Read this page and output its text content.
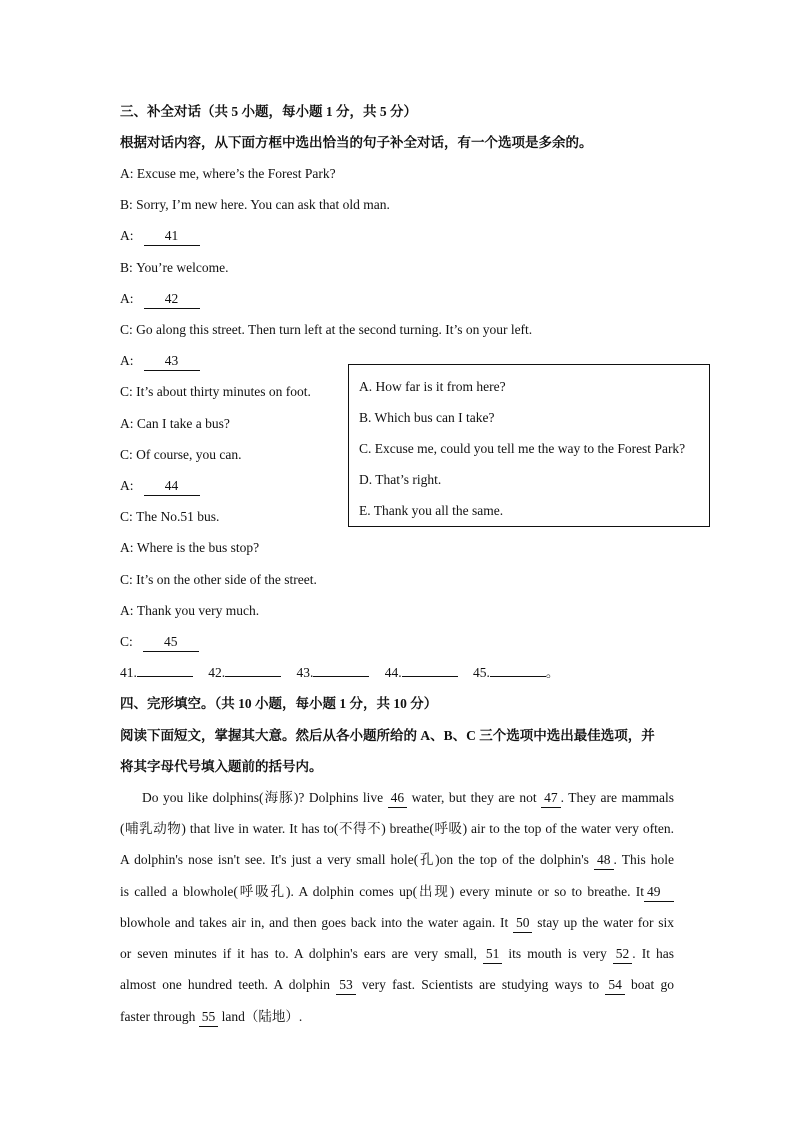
三、补全对话（共 5 小题，每小题 1 分，共 5 分）
根据对话内容，从下面方框中选出恰当的句子补全对话，有一个选项是多余的。
A: Excuse me, where’s the Forest Park?
B: Sorry, I’m new here. You can ask that old man.
A: 41
B: You’re welcome.
A: 42
C: Go along this street. Then turn left at the second turning. It’s on your left.
A: 43
C: It’s about thirty minutes on foot.
A: Can I take a bus?
C: Of course, you can.
A: 44
C: The No.51 bus.
A: Where is the bus stop?
C: It’s on the other side of the street.
A: Thank you very much.
C: 45
A. How far is it from here?
B. Which bus can I take?
C. Excuse me, could you tell me the way to the Forest Park?
D. That’s right.
E. Thank you all the same.
41.	42.	43.	44.	45.	。
四、完形填空。（共 10 小题，每小题 1 分，共 10 分）
阅读下面短文，掌握其大意。然后从各小题所给的 A、B、C 三个选项中选出最佳选项，并
将其字母代号填入题前的括号内。
Do you like dolphins(海豚)? Dolphins live 46 water, but they are not 47 . They are mammals
(哺乳动物) that live in water. It has to(不得不) breathe(呼吸) air to the top of the water very often.
A dolphin's nose isn't see. It's just a very small hole(孔)on the top of the dolphin's 48 . This hole
is called a blowhole(呼吸孔). A dolphin comes up(出现) every minute or so to breathe. It 49
blowhole and takes air in, and then goes back into the water again. It 50 stay up the water for six
or seven minutes if it has to. A dolphin's ears are very small, 51 its mouth is very 52 . It has
almost one hundred teeth. A dolphin 53 very fast. Scientists are studying ways to 54 boat go
faster through 55 land（陆地）.
